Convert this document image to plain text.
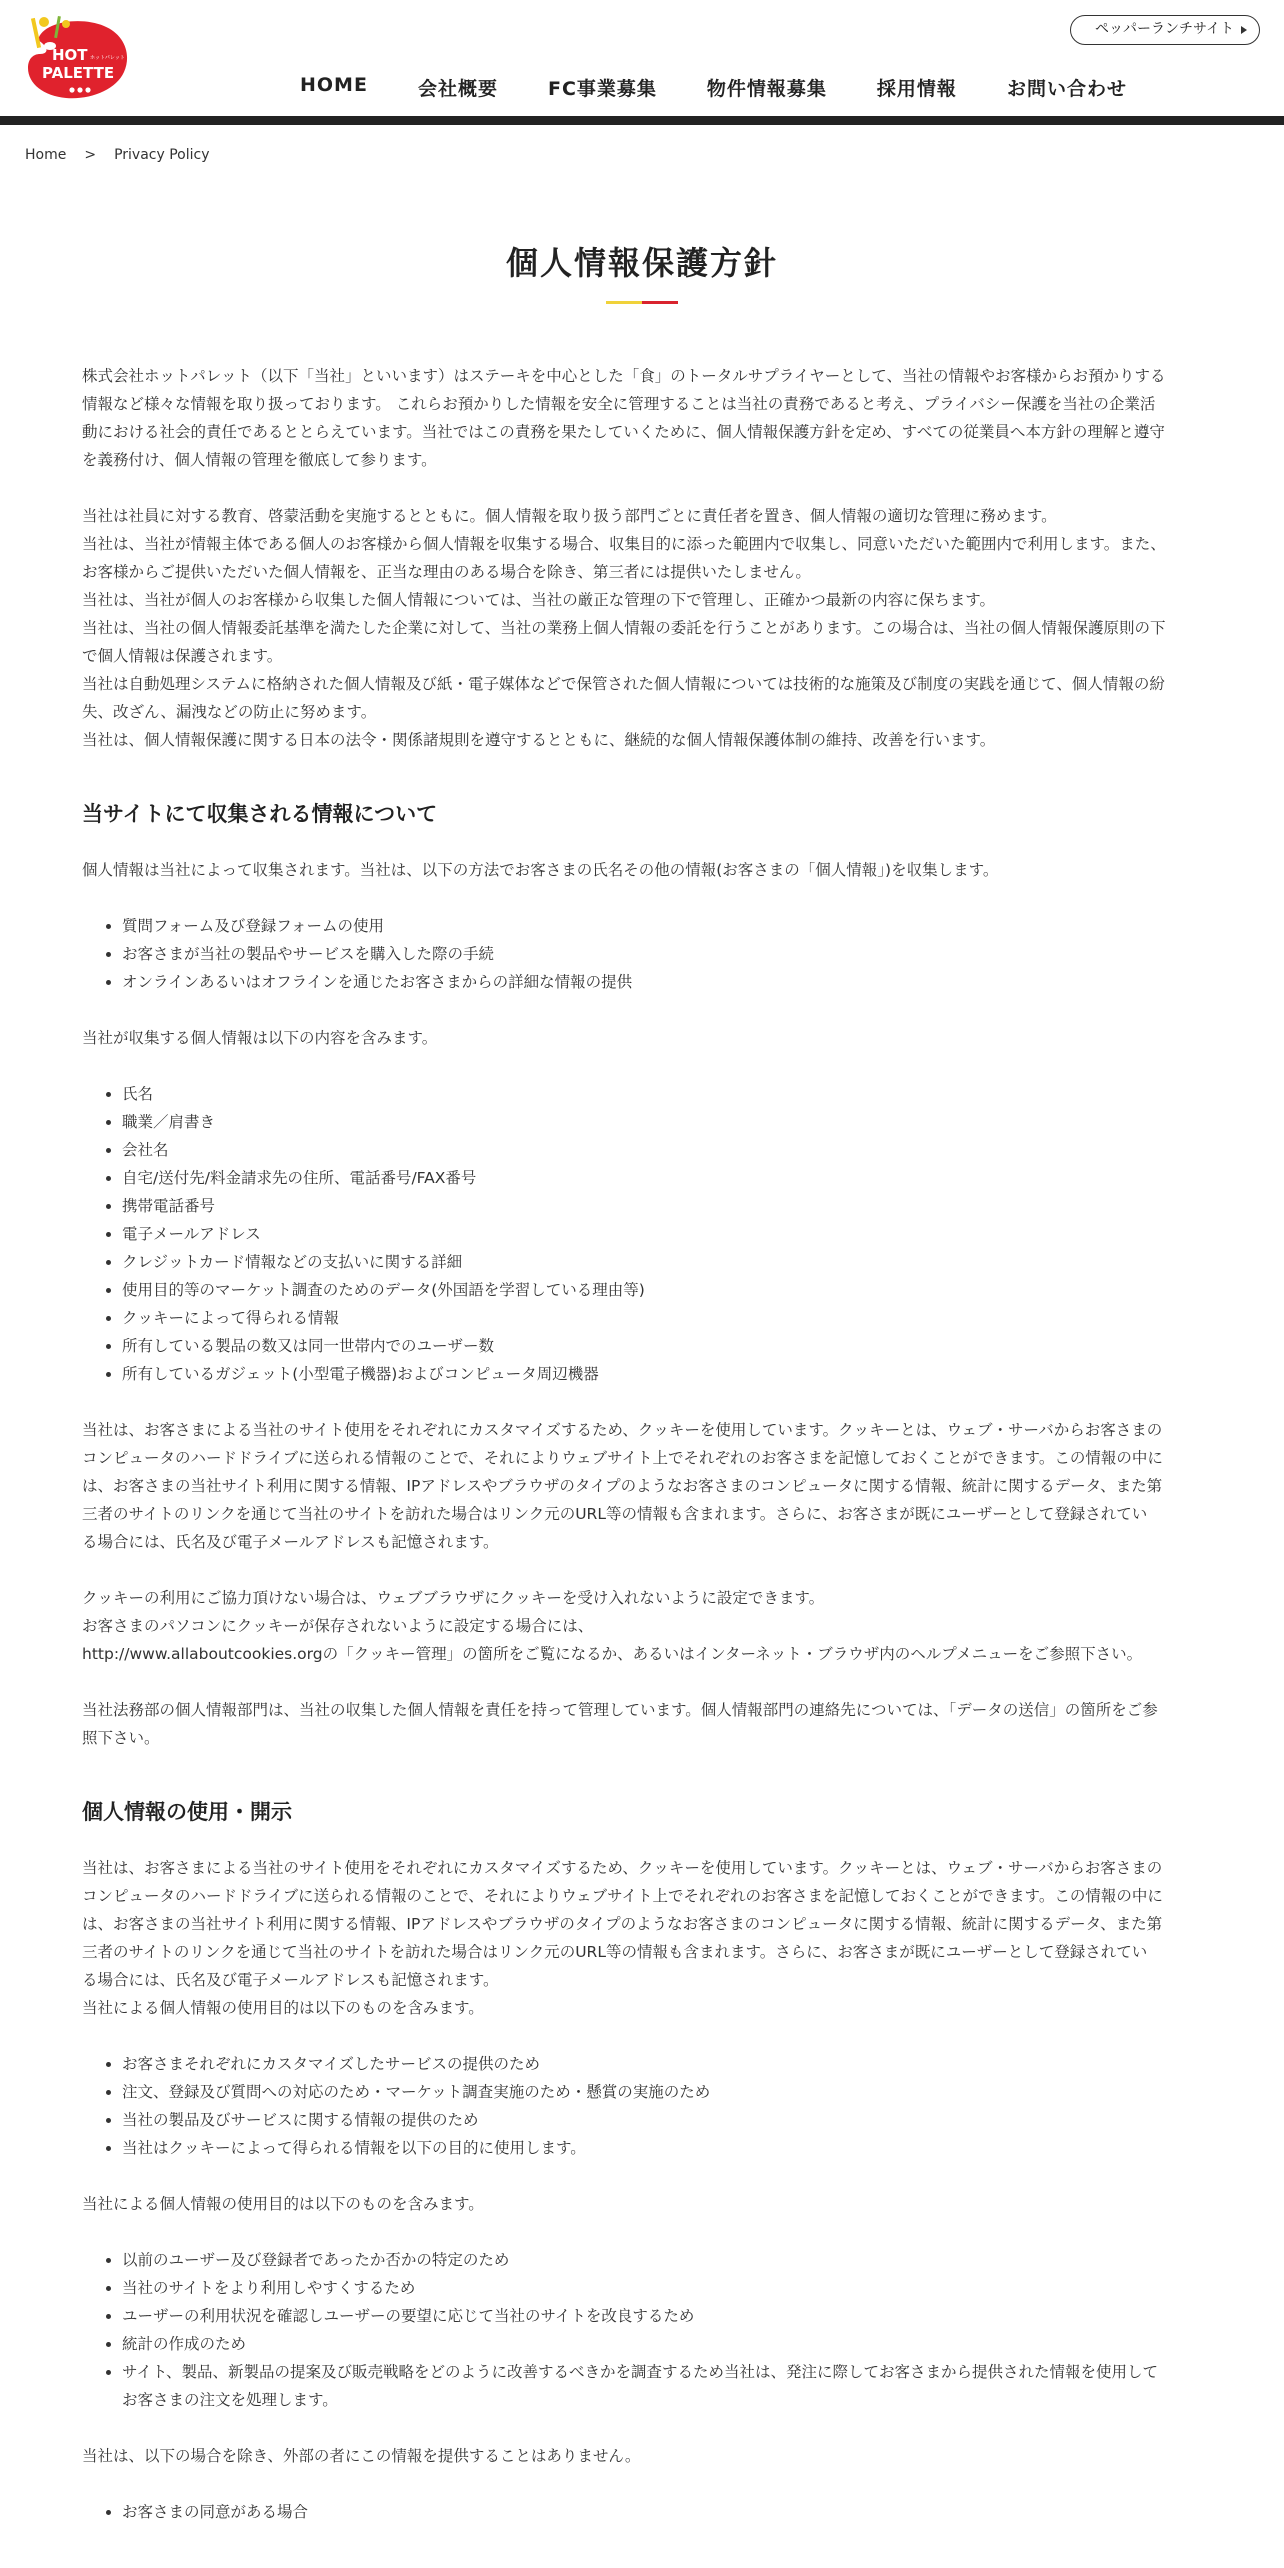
HOT ホットパレット
PALETTE
ペッパーランチサイト
HOME	会社概要	FC事業募集	物件情報募集	採用情報	お問い合わせ
Home > Privacy Policy
個人情報保護方針

株式会社ホットパレット（以下「当社」といいます）はステーキを中心とした「食」のトータルサプライヤーとして、当社の情報やお客様からお預かりする
情報など様々な情報を取り扱っております。 これらお預かりした情報を安全に管理することは当社の責務であると考え、プライバシー保護を当社の企業活
動における社会的責任であるととらえています。当社ではこの責務を果たしていくために、個人情報保護方針を定め、すべての従業員へ本方針の理解と遵守
を義務付け、個人情報の管理を徹底して参ります。

当社は社員に対する教育、啓蒙活動を実施するとともに。個人情報を取り扱う部門ごとに責任者を置き、個人情報の適切な管理に務めます。
当社は、当社が情報主体である個人のお客様から個人情報を収集する場合、収集目的に添った範囲内で収集し、同意いただいた範囲内で利用します。また、
お客様からご提供いただいた個人情報を、正当な理由のある場合を除き、第三者には提供いたしません。
当社は、当社が個人のお客様から収集した個人情報については、当社の厳正な管理の下で管理し、正確かつ最新の内容に保ちます。
当社は、当社の個人情報委託基準を満たした企業に対して、当社の業務上個人情報の委託を行うことがあります。この場合は、当社の個人情報保護原則の下
で個人情報は保護されます。
当社は自動処理システムに格納された個人情報及び紙・電子媒体などで保管された個人情報については技術的な施策及び制度の実践を通じて、個人情報の紛
失、改ざん、漏洩などの防止に努めます。
当社は、個人情報保護に関する日本の法令・関係諸規則を遵守するとともに、継続的な個人情報保護体制の維持、改善を行います。

当サイトにて収集される情報について

個人情報は当社によって収集されます。当社は、以下の方法でお客さまの氏名その他の情報(お客さまの「個人情報」)を収集します。

• 質問フォーム及び登録フォームの使用
• お客さまが当社の製品やサービスを購入した際の手続
• オンラインあるいはオフラインを通じたお客さまからの詳細な情報の提供

当社が収集する個人情報は以下の内容を含みます。

• 氏名
• 職業／肩書き
• 会社名
• 自宅/送付先/料金請求先の住所、電話番号/FAX番号
• 携帯電話番号
• 電子メールアドレス
• クレジットカード情報などの支払いに関する詳細
• 使用目的等のマーケット調査のためのデータ(外国語を学習している理由等)
• クッキーによって得られる情報
• 所有している製品の数又は同一世帯内でのユーザー数
• 所有しているガジェット(小型電子機器)およびコンピュータ周辺機器

当社は、お客さまによる当社のサイト使用をそれぞれにカスタマイズするため、クッキーを使用しています。クッキーとは、ウェブ・サーバからお客さまの
コンピュータのハードドライブに送られる情報のことで、それによりウェブサイト上でそれぞれのお客さまを記憶しておくことができます。この情報の中に
は、お客さまの当社サイト利用に関する情報、IPアドレスやブラウザのタイプのようなお客さまのコンピュータに関する情報、統計に関するデータ、また第
三者のサイトのリンクを通じて当社のサイトを訪れた場合はリンク元のURL等の情報も含まれます。さらに、お客さまが既にユーザーとして登録されてい
る場合には、氏名及び電子メールアドレスも記憶されます。

クッキーの利用にご協力頂けない場合は、ウェブブラウザにクッキーを受け入れないように設定できます。
お客さまのパソコンにクッキーが保存されないように設定する場合には、
http://www.allaboutcookies.orgの「クッキー管理」の箇所をご覧になるか、あるいはインターネット・ブラウザ内のヘルプメニューをご参照下さい。

当社法務部の個人情報部門は、当社の収集した個人情報を責任を持って管理しています。個人情報部門の連絡先については、「データの送信」の箇所をご参
照下さい。

個人情報の使用・開示

当社は、お客さまによる当社のサイト使用をそれぞれにカスタマイズするため、クッキーを使用しています。クッキーとは、ウェブ・サーバからお客さまの
コンピュータのハードドライブに送られる情報のことで、それによりウェブサイト上でそれぞれのお客さまを記憶しておくことができます。この情報の中に
は、お客さまの当社サイト利用に関する情報、IPアドレスやブラウザのタイプのようなお客さまのコンピュータに関する情報、統計に関するデータ、また第
三者のサイトのリンクを通じて当社のサイトを訪れた場合はリンク元のURL等の情報も含まれます。さらに、お客さまが既にユーザーとして登録されてい
る場合には、氏名及び電子メールアドレスも記憶されます。
当社による個人情報の使用目的は以下のものを含みます。

• お客さまそれぞれにカスタマイズしたサービスの提供のため
• 注文、登録及び質問への対応のため・マーケット調査実施のため・懸賞の実施のため
• 当社の製品及びサービスに関する情報の提供のため
• 当社はクッキーによって得られる情報を以下の目的に使用します。

当社による個人情報の使用目的は以下のものを含みます。

• 以前のユーザー及び登録者であったか否かの特定のため
• 当社のサイトをより利用しやすくするため
• ユーザーの利用状況を確認しユーザーの要望に応じて当社のサイトを改良するため
• 統計の作成のため
• サイト、製品、新製品の提案及び販売戦略をどのように改善するべきかを調査するため当社は、発注に際してお客さまから提供された情報を使用して
お客さまの注文を処理します。

当社は、以下の場合を除き、外部の者にこの情報を提供することはありません。

• お客さまの同意がある場合
